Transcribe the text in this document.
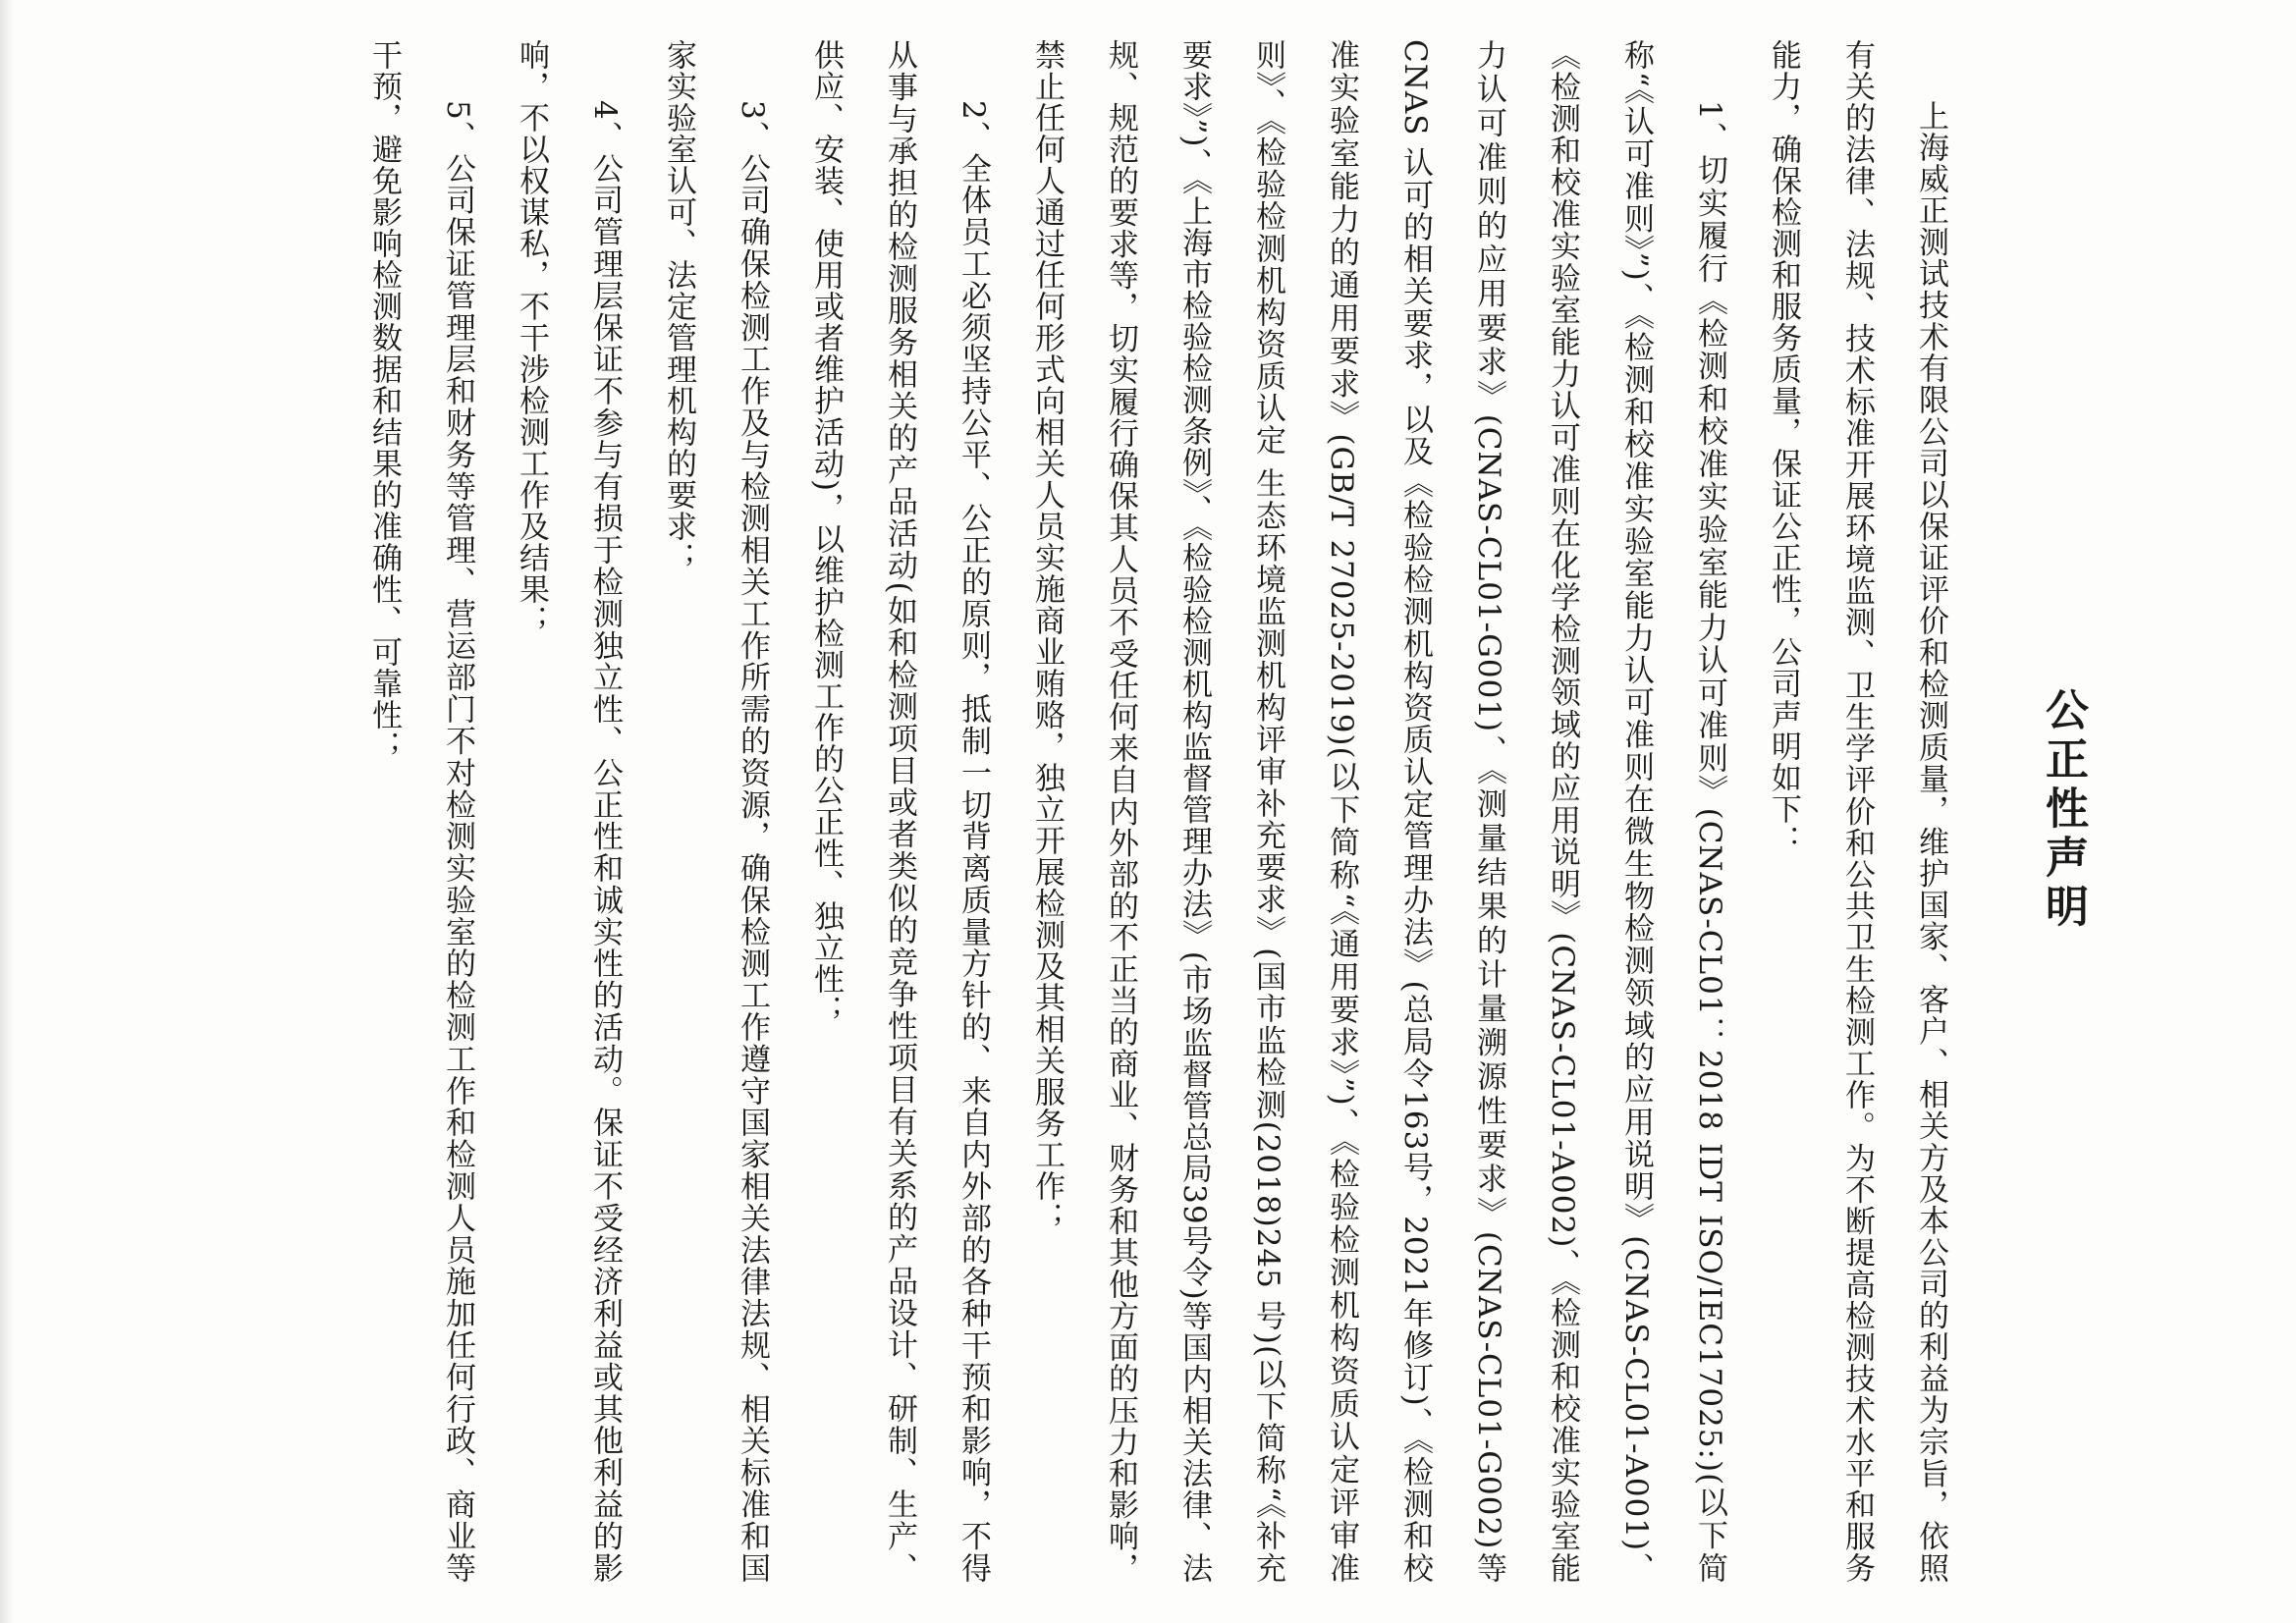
公正性声明

上海威正测试技术有限公司以保证评价和检测质量，维护国家、客户、相关方及本公司的利益为宗旨，依照有关的法律、法规、技术标准开展环境监测、卫生学评价和公共卫生检测工作。为不断提高检测技术水平和服务能力，确保检测和服务质量，保证公正性，公司声明如下：

1、切实履行《检测和校准实验室能力认可准则》(CNAS-CL01：2018 IDT ISO/IEC17025:)(以下简称“《认可准则》”)、《检测和校准实验室能力认可准则在微生物检测领域的应用说明》(CNAS-CL01-A001)、《检测和校准实验室能力认可准则在化学检测领域的应用说明》(CNAS-CL01-A002)、《检测和校准实验室能力认可准则的应用要求》(CNAS-CL01-G001)、《测量结果的计量溯源性要求》(CNAS-CL01-G002)等CNAS 认可的相关要求，以及《检验检测机构资质认定管理办法》(总局令163号，2021年修订)、《检测和校准实验室能力的通用要求》(GB/T 27025-2019)(以下简称“《通用要求》”)、《检验检测机构资质认定评审准则》、《检验检测机构资质认定 生态环境监测机构评审补充要求》(国市监检测(2018)245 号)(以下简称“《补充要求》”)、《上海市检验检测条例》、《检验检测机构监督管理办法》(市场监督管总局39号令)等国内相关法律、法规、规范的要求等，切实履行确保其人员不受任何来自内外部的不正当的商业、财务和其他方面的压力和影响，禁止任何人通过任何形式向相关人员实施商业贿赂，独立开展检测及其相关服务工作；

2、全体员工必须坚持公平、公正的原则，抵制一切背离质量方针的、来自内外部的各种干预和影响，不得从事与承担的检测服务相关的产品活动(如和检测项目或者类似的竞争性项目有关系的产品设计、研制、生产、供应、安装、使用或者维护活动)，以维护检测工作的公正性、独立性；

3、公司确保检测工作及与检测相关工作所需的资源，确保检测工作遵守国家相关法律法规、相关标准和国家实验室认可、法定管理机构的要求；

4、公司管理层保证不参与有损于检测独立性、公正性和诚实性的活动。保证不受经济利益或其他利益的影响，不以权谋私，不干涉检测工作及结果；

5、公司保证管理层和财务等管理、营运部门不对检测实验室的检测工作和检测人员施加任何行政、商业等干预，避免影响检测数据和结果的准确性、可靠性；
